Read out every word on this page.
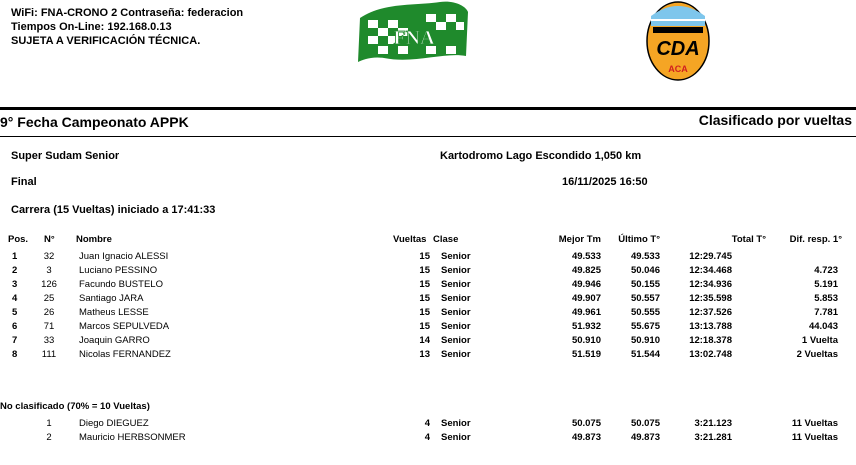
WiFi: FNA-CRONO 2 Contraseña: federacion
Tiempos On-Line: 192.168.0.13
SUJETA A VERIFICACIÓN TÉCNICA.	FNA	CDA
ACA
9° Fecha Campeonato APPK	Clasificado por vueltas
Super Sudam Senior	Kartodromo Lago Escondido 1,050 km
Final	16/11/2025 16:50
Carrera (15 Vueltas) iniciado a 17:41:33
Pos. N° Nombre	Vueltas Clase	Mejor Tm Último T°	Total T° Dif. resp. 1°
1	32	Juan Ignacio ALESSI	15 Senior	49.533	49.533	12:29.745
2	3	Luciano PESSINO	15 Senior	49.825	50.046	12:34.468	4.723
3	126	Facundo BUSTELO	15 Senior	49.946	50.155	12:34.936	5.191
4	25	Santiago JARA	15 Senior	49.907	50.557	12:35.598	5.853
5	26	Matheus LESSE	15 Senior	49.961	50.555	12:37.526	7.781
6	71	Marcos SEPULVEDA	15 Senior	51.932	55.675	13:13.788	44.043
7	33	Joaquin GARRO	14 Senior	50.910	50.910	12:18.378	1 Vuelta
8	111	Nicolas FERNANDEZ	13 Senior	51.519	51.544	13:02.748	2 Vueltas
No clasificado (70% = 10 Vueltas)
1	Diego DIEGUEZ	4 Senior	50.075	50.075	3:21.123	11 Vueltas
2	Mauricio HERBSONMER	4 Senior	49.873	49.873	3:21.281	11 Vueltas
